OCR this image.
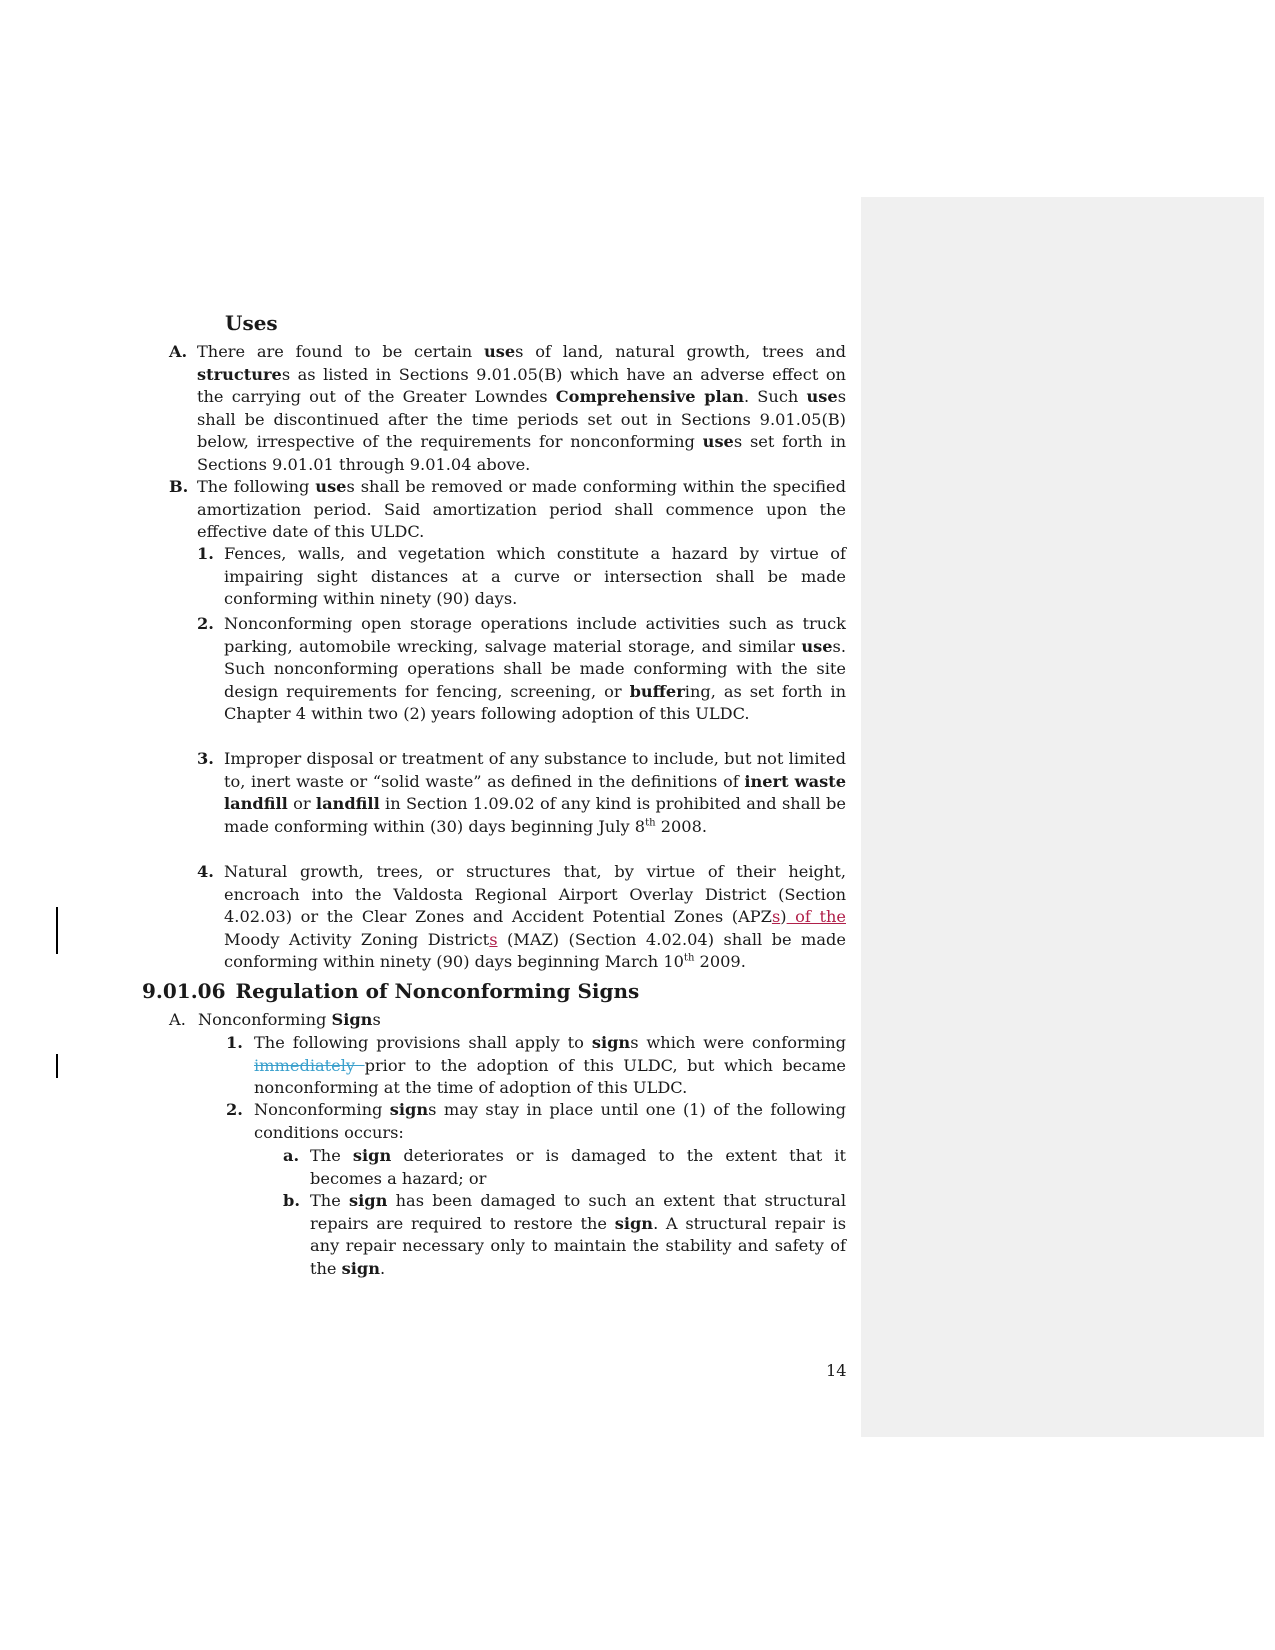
Uses
A. There are found to be certain uses of land, natural growth, trees and structures as listed in Sections 9.01.05(B) which have an adverse effect on the carrying out of the Greater Lowndes Comprehensive plan. Such uses shall be discontinued after the time periods set out in Sections 9.01.05(B) below, irrespective of the requirements for nonconforming uses set forth in Sections 9.01.01 through 9.01.04 above.
B. The following uses shall be removed or made conforming within the specified amortization period. Said amortization period shall commence upon the effective date of this ULDC.
1. Fences, walls, and vegetation which constitute a hazard by virtue of impairing sight distances at a curve or intersection shall be made conforming within ninety (90) days.
2. Nonconforming open storage operations include activities such as truck parking, automobile wrecking, salvage material storage, and similar uses. Such nonconforming operations shall be made conforming with the site design requirements for fencing, screening, or buffering, as set forth in Chapter 4 within two (2) years following adoption of this ULDC.
3. Improper disposal or treatment of any substance to include, but not limited to, inert waste or “solid waste” as defined in the definitions of inert waste landfill or landfill in Section 1.09.02 of any kind is prohibited and shall be made conforming within (30) days beginning July 8th 2008.
4. Natural growth, trees, or structures that, by virtue of their height, encroach into the Valdosta Regional Airport Overlay District (Section 4.02.03) or the Clear Zones and Accident Potential Zones (APZs) of the Moody Activity Zoning Districts (MAZ) (Section 4.02.04) shall be made conforming within ninety (90) days beginning March 10th 2009.
9.01.06 Regulation of Nonconforming Signs
A. Nonconforming Signs
1. The following provisions shall apply to signs which were conforming immediately prior to the adoption of this ULDC, but which became nonconforming at the time of adoption of this ULDC.
2. Nonconforming signs may stay in place until one (1) of the following conditions occurs:
a. The sign deteriorates or is damaged to the extent that it becomes a hazard; or
b. The sign has been damaged to such an extent that structural repairs are required to restore the sign. A structural repair is any repair necessary only to maintain the stability and safety of the sign.
14
